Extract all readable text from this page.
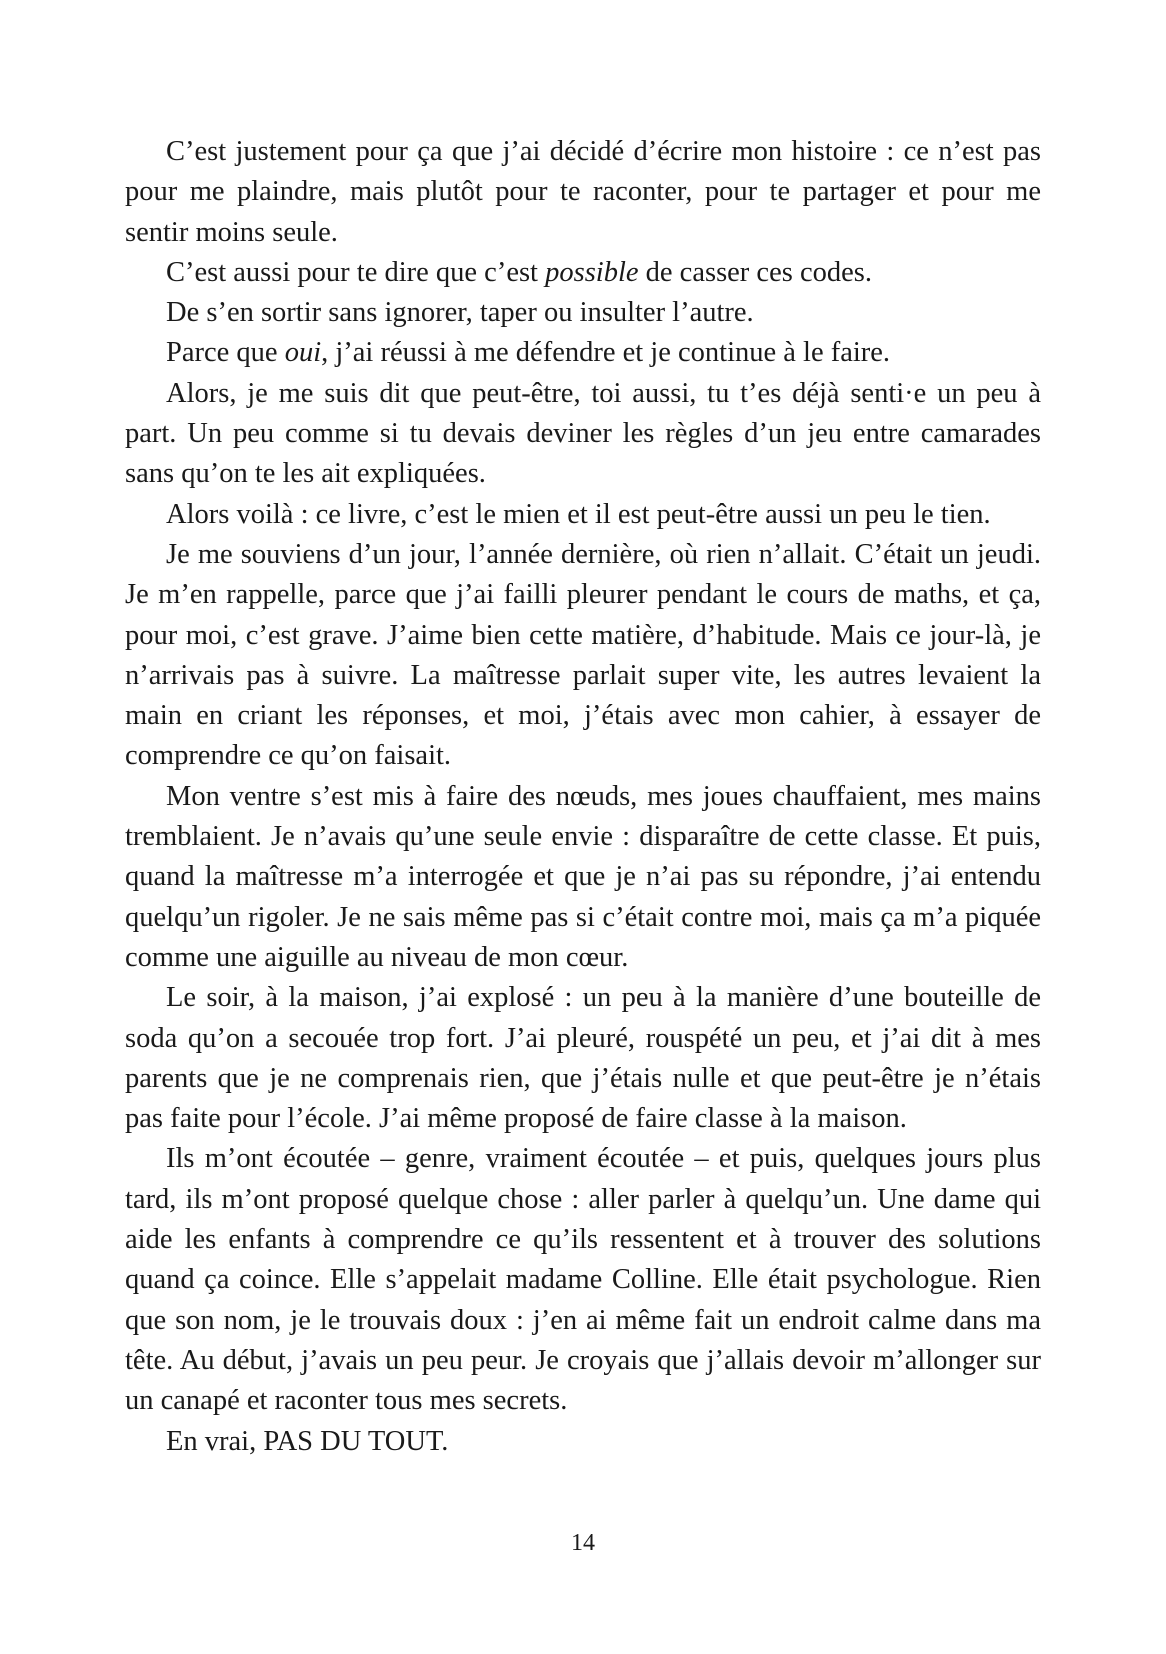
C’est justement pour ça que j’ai décidé d’écrire mon histoire : ce n’est pas pour me plaindre, mais plutôt pour te raconter, pour te partager et pour me sentir moins seule.

C’est aussi pour te dire que c’est possible de casser ces codes.

De s’en sortir sans ignorer, taper ou insulter l’autre.

Parce que oui, j’ai réussi à me défendre et je continue à le faire.

Alors, je me suis dit que peut-être, toi aussi, tu t’es déjà senti·e un peu à part. Un peu comme si tu devais deviner les règles d’un jeu entre camarades sans qu’on te les ait expliquées.

Alors voilà : ce livre, c’est le mien et il est peut-être aussi un peu le tien.

Je me souviens d’un jour, l’année dernière, où rien n’allait. C’était un jeudi. Je m’en rappelle, parce que j’ai failli pleurer pendant le cours de maths, et ça, pour moi, c’est grave. J’aime bien cette matière, d’habitude. Mais ce jour-là, je n’arrivais pas à suivre. La maîtresse parlait super vite, les autres levaient la main en criant les réponses, et moi, j’étais avec mon cahier, à essayer de comprendre ce qu’on faisait.

Mon ventre s’est mis à faire des nœuds, mes joues chauffaient, mes mains tremblaient. Je n’avais qu’une seule envie : disparaître de cette classe. Et puis, quand la maîtresse m’a interrogée et que je n’ai pas su répondre, j’ai entendu quelqu’un rigoler. Je ne sais même pas si c’était contre moi, mais ça m’a piquée comme une aiguille au niveau de mon cœur.

Le soir, à la maison, j’ai explosé : un peu à la manière d’une bouteille de soda qu’on a secouée trop fort. J’ai pleuré, rouspété un peu, et j’ai dit à mes parents que je ne comprenais rien, que j’étais nulle et que peut-être je n’étais pas faite pour l’école. J’ai même proposé de faire classe à la maison.

Ils m’ont écoutée – genre, vraiment écoutée – et puis, quelques jours plus tard, ils m’ont proposé quelque chose : aller parler à quelqu’un. Une dame qui aide les enfants à comprendre ce qu’ils ressentent et à trouver des solutions quand ça coince. Elle s’appelait madame Colline. Elle était psychologue. Rien que son nom, je le trouvais doux : j’en ai même fait un endroit calme dans ma tête. Au début, j’avais un peu peur. Je croyais que j’allais devoir m’allonger sur un canapé et raconter tous mes secrets.

En vrai, PAS DU TOUT.

14
